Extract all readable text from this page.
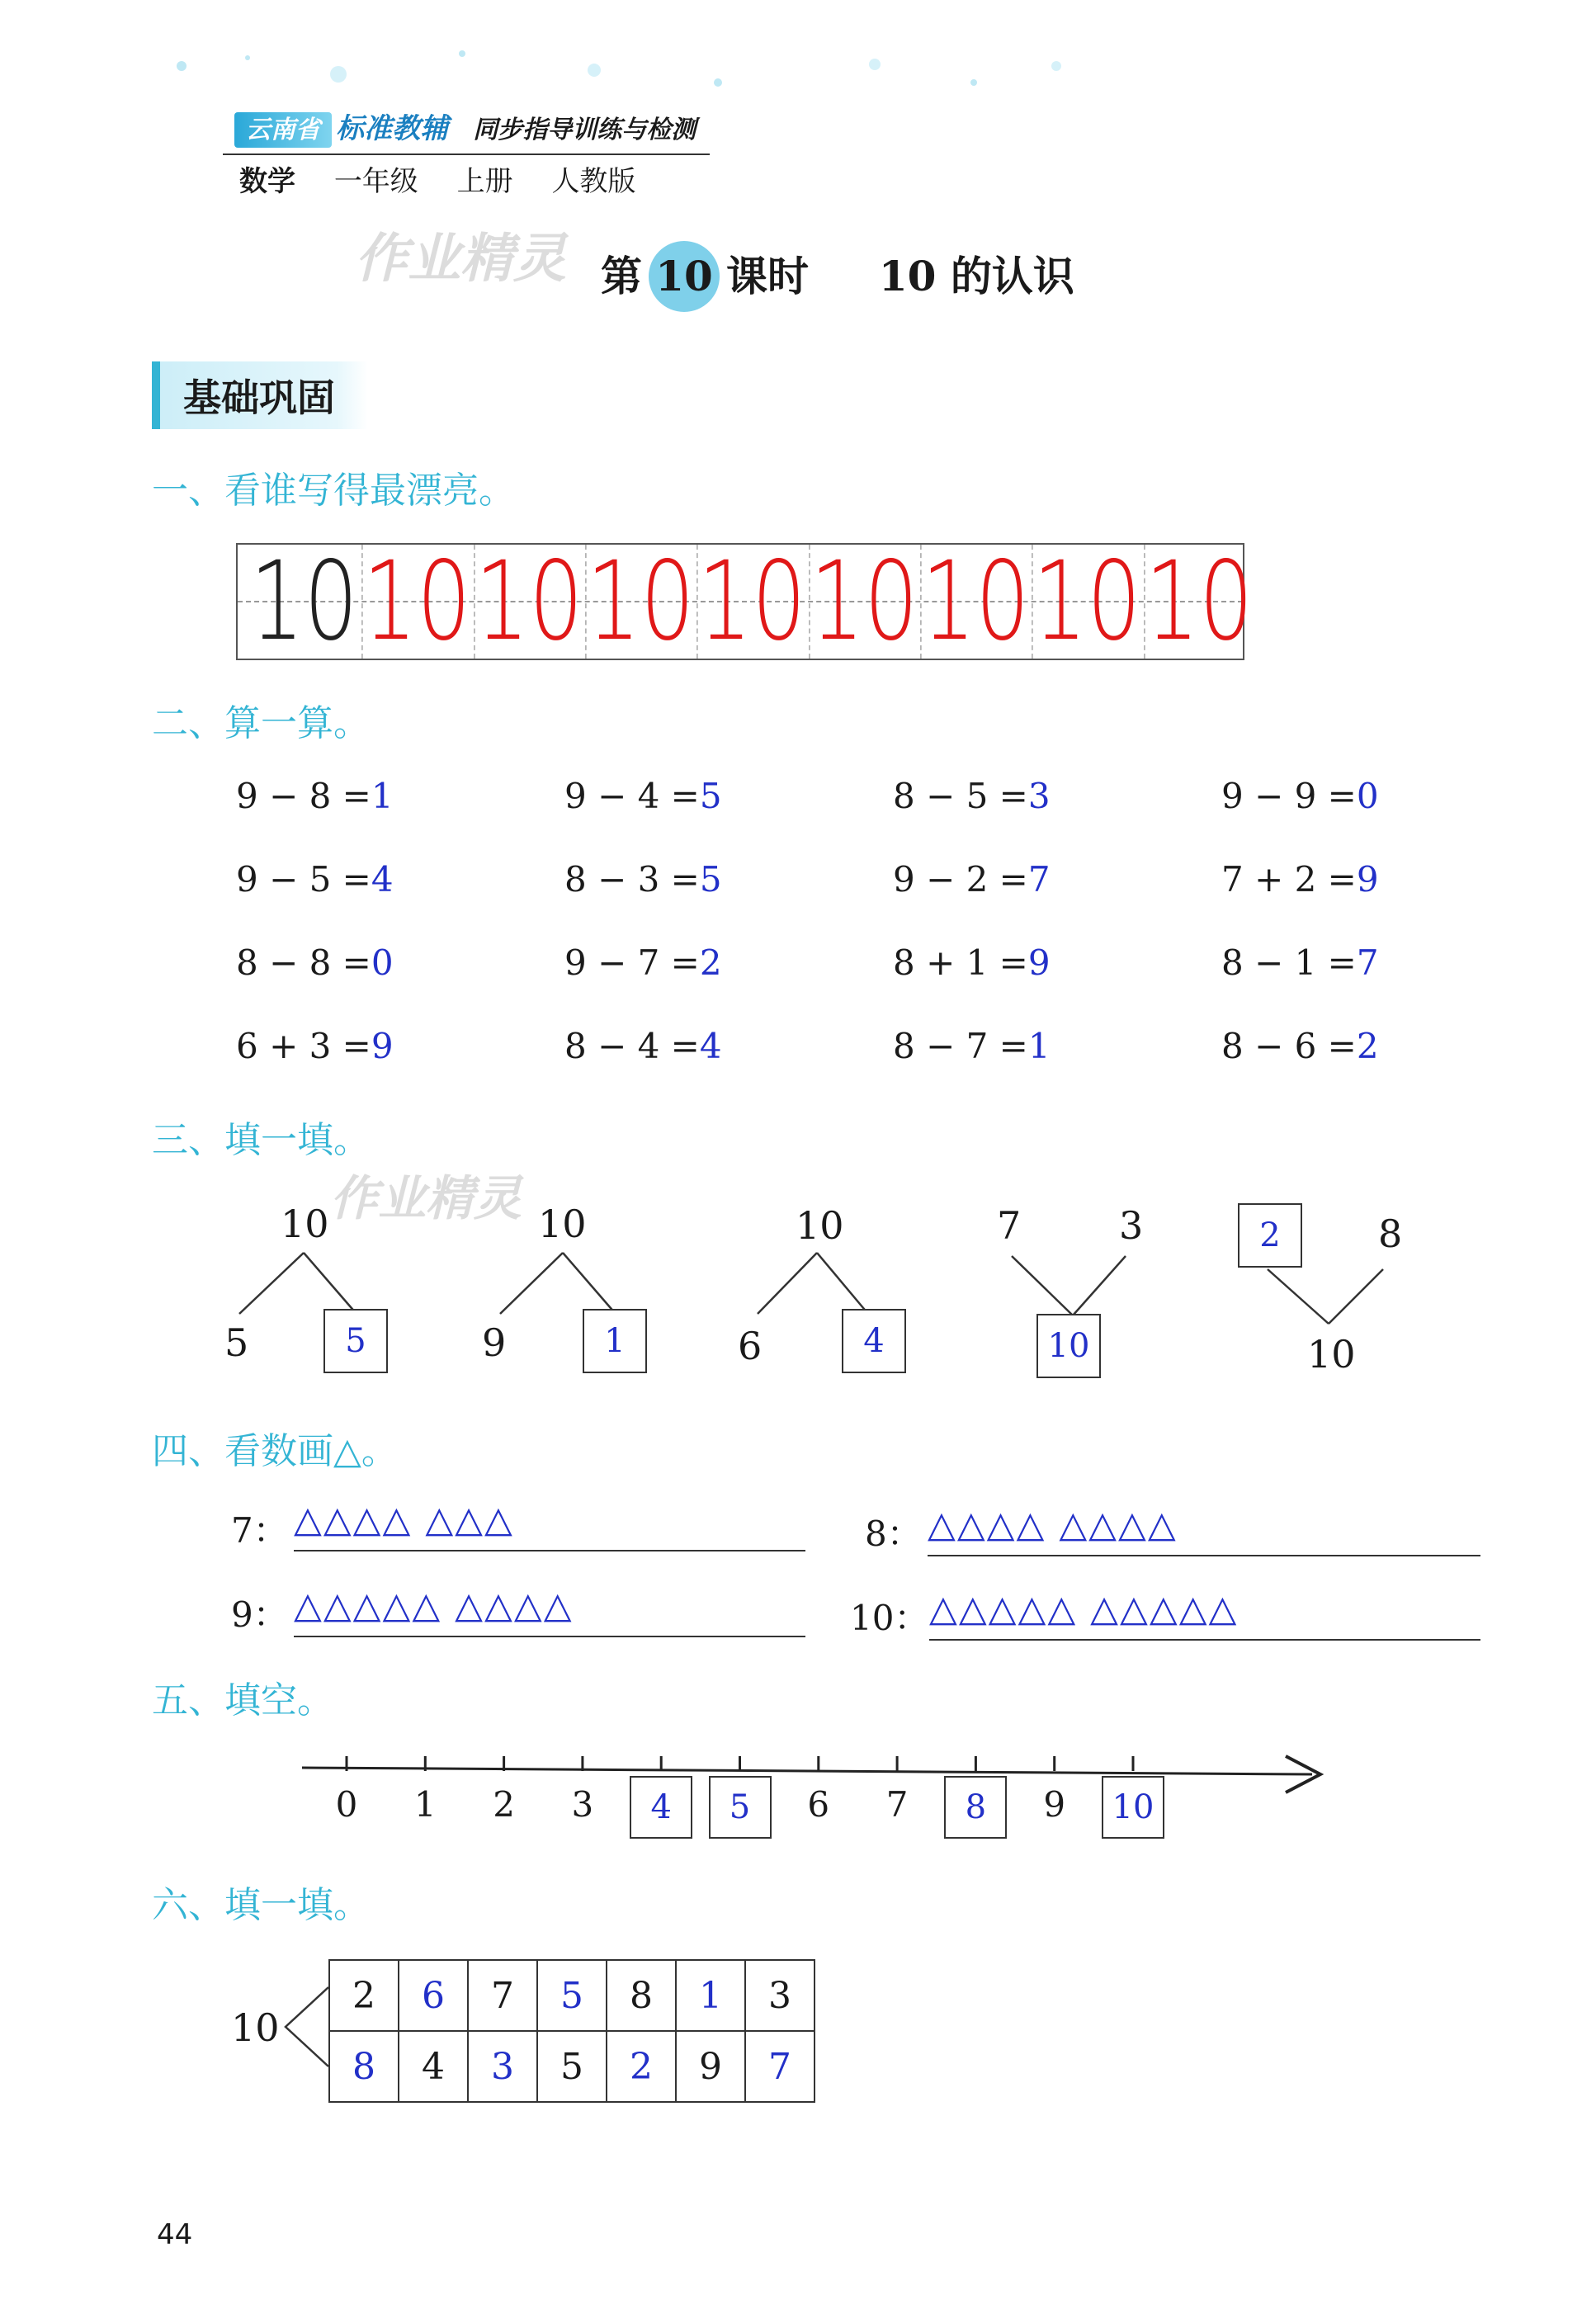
云南省 标准教辅 同步指导训练与检测
数学 一年级 上册 人教版
作业精灵 第 10 课时 10 的认识
基础巩固
一、看谁写得最漂亮。
10 10 10 10 10 10 10 10 10
二、算一算。
9 − 8 =1	9 − 4 =5	8 − 5 =3	9 − 9 =0
9 − 5 =4	8 − 3 =5	9 − 2 =7	7 + 2 =9
8 − 8 =0	9 − 7 =2	8 + 1 =9	8 − 1 =7
6 + 3 =9	8 − 4 =4	8 − 7 =1	8 − 6 =2
三、填一填。
作业精灵
10
5	5
10
9	1
10
6	4
7	3
10
2	8
10
四、看数画△。
7： △△△△ △△△	8： △△△△ △△△△
9： △△△△△ △△△△	10： △△△△△ △△△△△
五、填空。
0	1	2	3	4	5	6	7	8	9	10
六、填一填。
10
2	6	7	5	8	1	3
8	4	3	5	2	9	7
44
